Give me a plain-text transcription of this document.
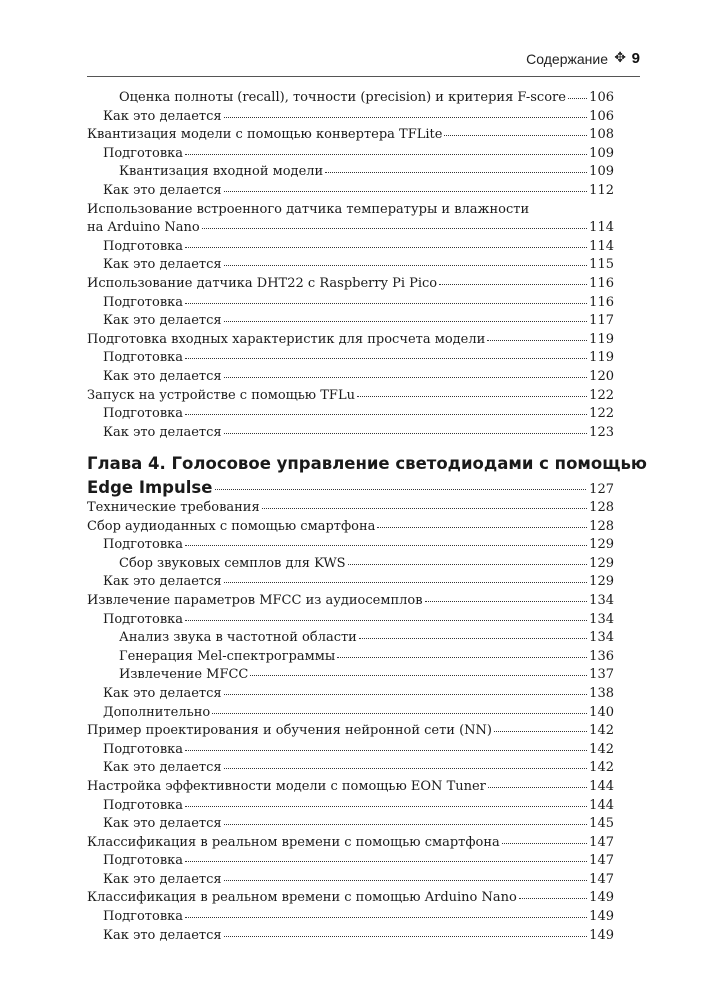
Содержание ✥ 9
Оценка полноты (recall), точности (precision) и критерия F-score 106
Как это делается	106
Квантизация модели с помощью конвертера TFLite	108
Подготовка	109
Квантизация входной модели	109
Как это делается	112
Использование встроенного датчика температуры и влажности
на Arduino Nano	114
Подготовка	114
Как это делается	115
Использование датчика DHT22 с Raspberry Pi Pico	116
Подготовка	116
Как это делается	117
Подготовка входных характеристик для просчета модели	119
Подготовка	119
Как это делается	120
Запуск на устройстве с помощью TFLu	122
Подготовка	122
Как это делается	123
Глава 4. Голосовое управление светодиодами с помощью
Edge Impulse	127
Технические требования	128
Сбор аудиоданных с помощью смартфона	128
Подготовка	129
Сбор звуковых семплов для KWS	129
Как это делается	129
Извлечение параметров MFCC из аудиосемплов	134
Подготовка	134
Анализ звука в частотной области	134
Генерация Mel-спектрограммы	136
Извлечение MFCC	137
Как это делается	138
Дополнительно	140
Пример проектирования и обучения нейронной сети (NN)	142
Подготовка	142
Как это делается	142
Настройка эффективности модели с помощью EON Tuner	144
Подготовка	144
Как это делается	145
Классификация в реальном времени с помощью смартфона	147
Подготовка	147
Как это делается	147
Классификация в реальном времени с помощью Arduino Nano	149
Подготовка	149
Как это делается	149
